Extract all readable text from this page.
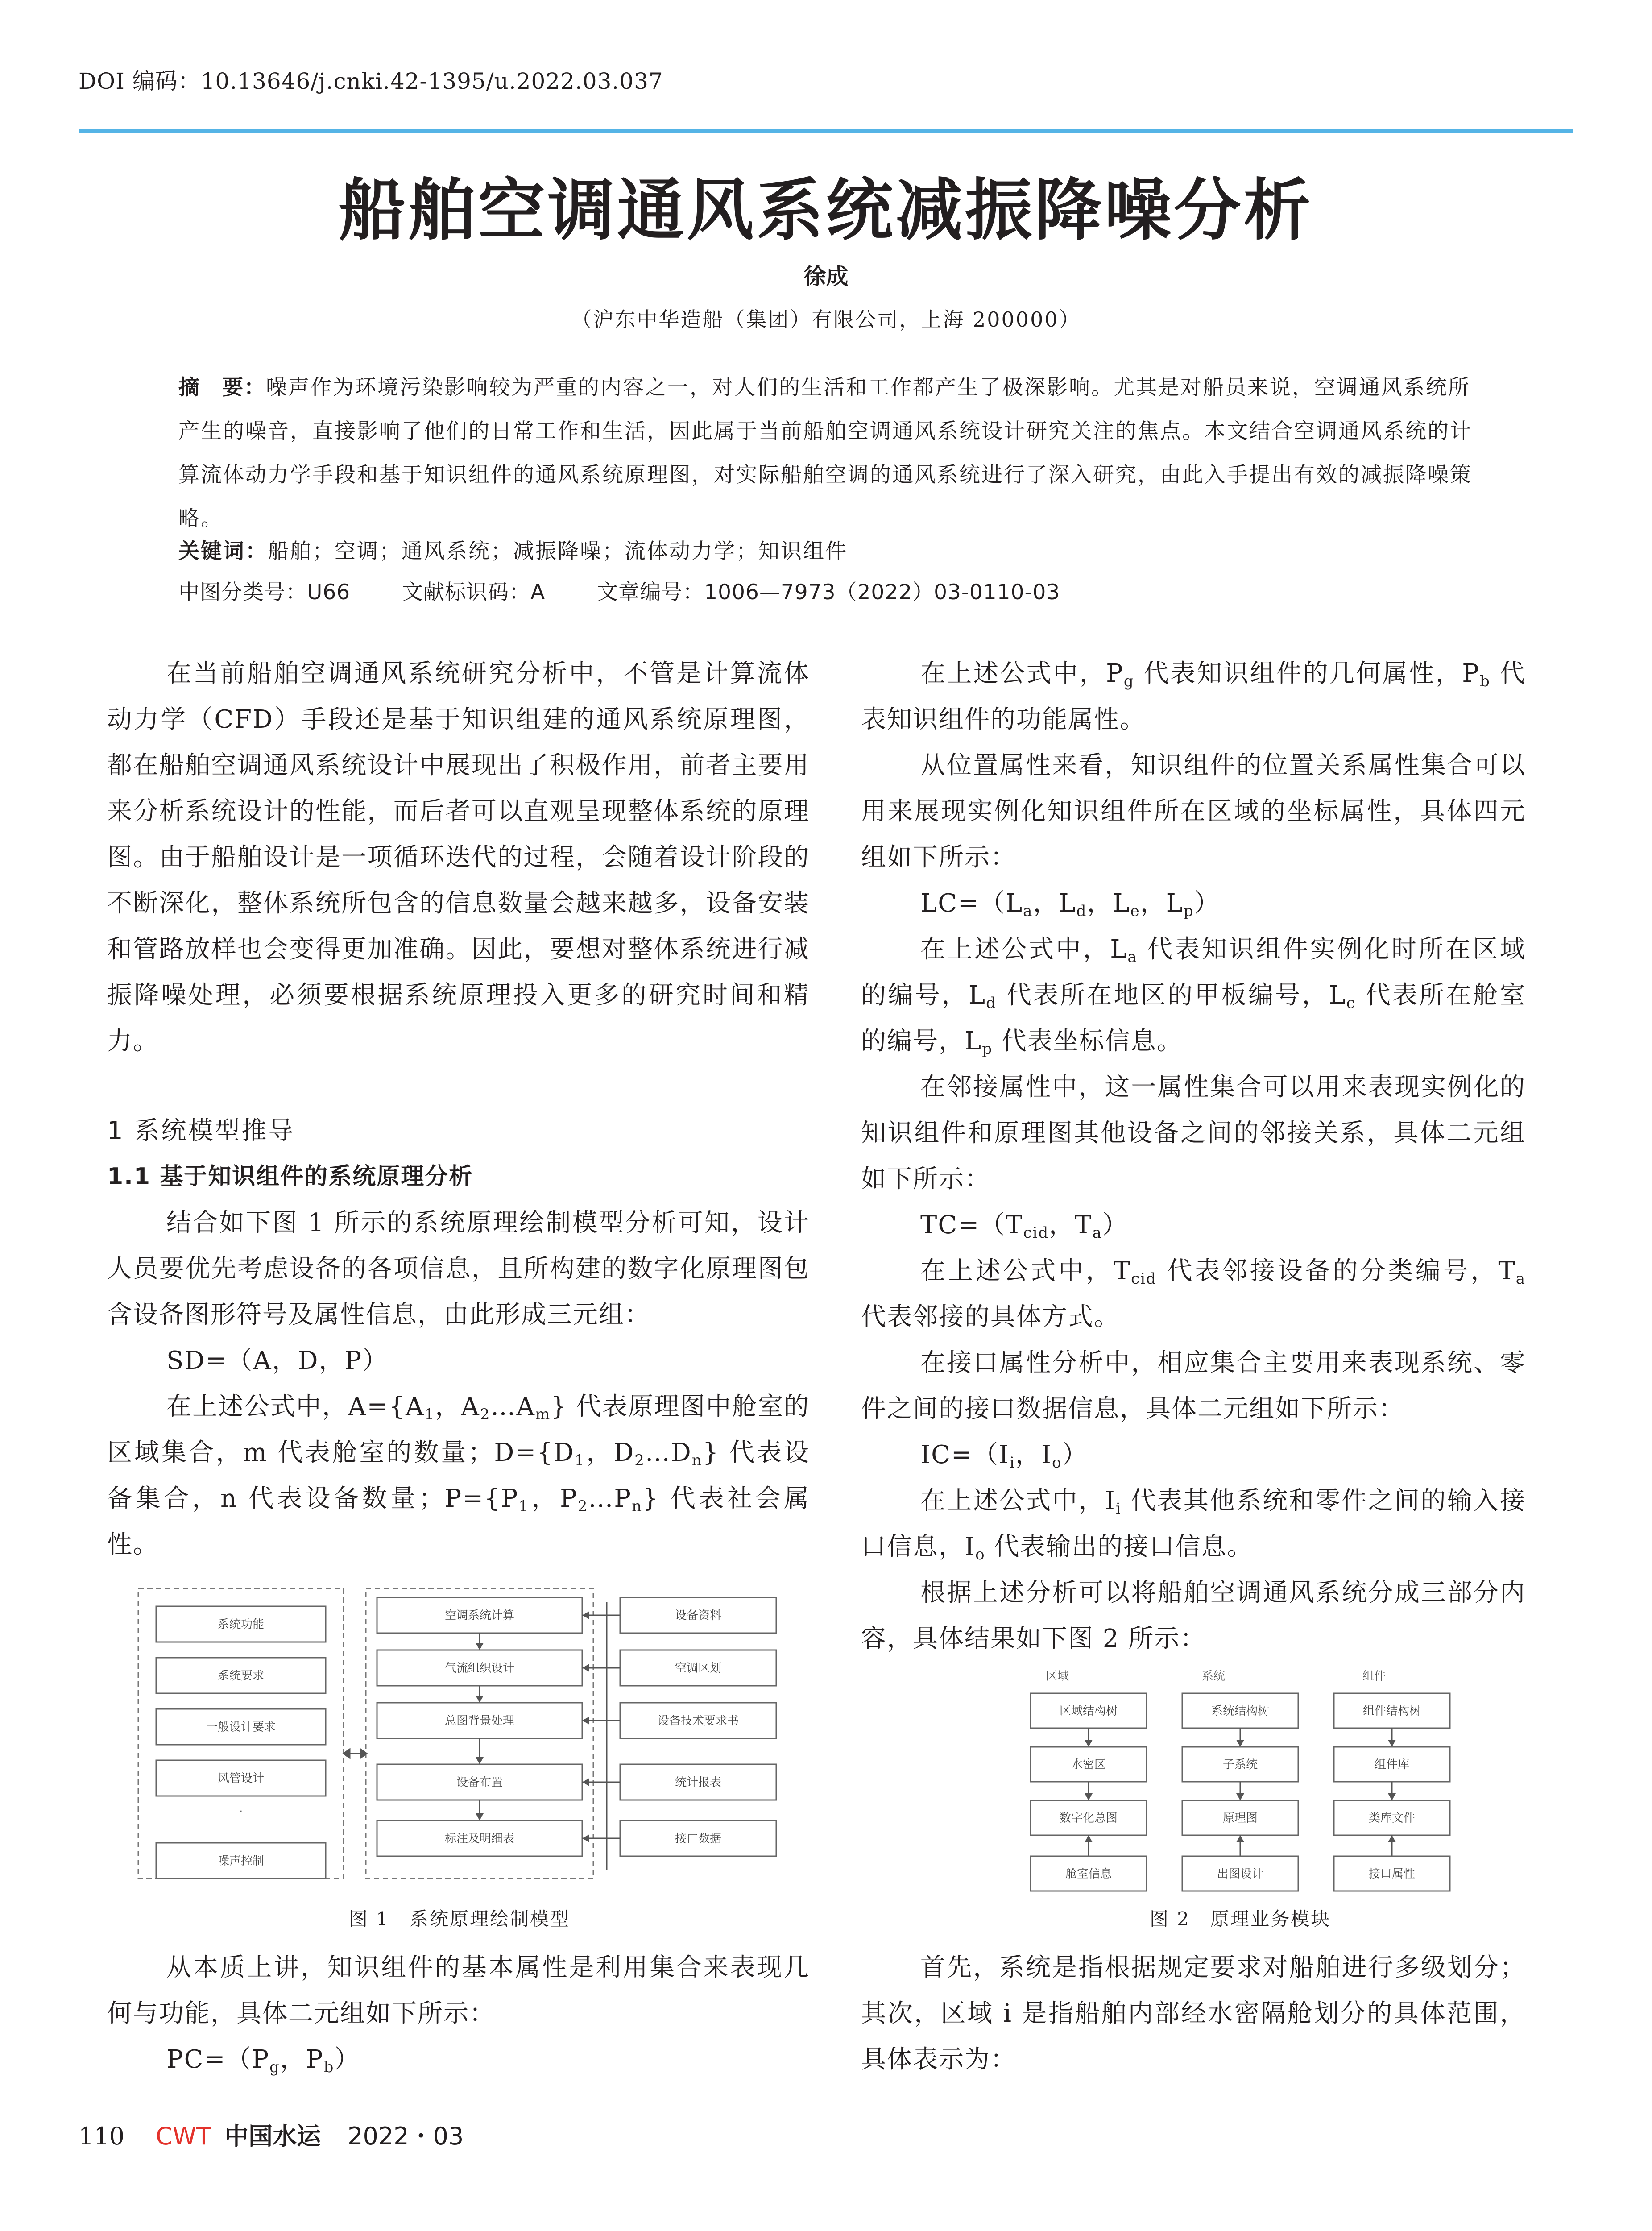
DOI 编码：10.13646/j.cnki.42-1395/u.2022.03.037
船舶空调通风系统减振降噪分析
徐成
（沪东中华造船（集团）有限公司，上海 200000）
摘　要：噪声作为环境污染影响较为严重的内容之一，对人们的生活和工作都产生了极深影响。尤其是对船员来说，空调通风系统所产生的噪音，直接影响了他们的日常工作和生活，因此属于当前船舶空调通风系统设计研究关注的焦点。本文结合空调通风系统的计算流体动力学手段和基于知识组件的通风系统原理图，对实际船舶空调的通风系统进行了深入研究，由此入手提出有效的减振降噪策略。
关键词：船舶；空调；通风系统；减振降噪；流体动力学；知识组件
中图分类号：U66 文献标识码：A 文章编号：1006—7973（2022）03-0110-03

在当前船舶空调通风系统研究分析中，不管是计算流体动力学（CFD）手段还是基于知识组建的通风系统原理图，都在船舶空调通风系统设计中展现出了积极作用，前者主要用来分析系统设计的性能，而后者可以直观呈现整体系统的原理图。由于船舶设计是一项循环迭代的过程，会随着设计阶段的不断深化，整体系统所包含的信息数量会越来越多，设备安装和管路放样也会变得更加准确。因此，要想对整体系统进行减振降噪处理，必须要根据系统原理投入更多的研究时间和精力。

1 系统模型推导

1.1 基于知识组件的系统原理分析

结合如下图 1 所示的系统原理绘制模型分析可知，设计人员要优先考虑设备的各项信息，且所构建的数字化原理图包含设备图形符号及属性信息，由此形成三元组：

SD=（A，D，P）

在上述公式中，$A=\{A_1$，$A_2\dots A_m$} 代表原理图中舱室的区域集合，m 代表舱室的数量；$D=\{D_1$，$D_2\dots D_n$} 代表设备集合，n 代表设备数量；$P=\{P_1$，$P_2\dots P_n$} 代表社会属性。

在上述公式中，$P_g$ 代表知识组件的几何属性，$P_b$ 代表知识组件的功能属性。

从位置属性来看，知识组件的位置关系属性集合可以用来展现实例化知识组件所在区域的坐标属性，具体四元组如下所示：

$LC=(L_a$，$L_d$，$L_e$，$L_p$）

在上述公式中，$L_a$ 代表知识组件实例化时所在区域的编号，$L_d$ 代表所在地区的甲板编号，$L_c$ 代表所在舱室的编号，$L_p$ 代表坐标信息。

在邻接属性中，这一属性集合可以用来表现实例化的知识组件和原理图其他设备之间的邻接关系，具体二元组如下所示：

$TC=(T_{cid}$，$T_a$）

在上述公式中，$T_{cid}$ 代表邻接设备的分类编号，$T_a$ 代表邻接的具体方式。

在接口属性分析中，相应集合主要用来表现系统、零件之间的接口数据信息，具体二元组如下所示：

$IC=(I_i$，$I_o$）

在上述公式中，$I_i$ 代表其他系统和零件之间的输入接口信息，$I_o$ 代表输出的接口信息。

根据上述分析可以将船舶空调通风系统分成三部分内容，具体结果如下图 2 所示：

系统功能
系统要求
一般设计要求
风管设计
噪声控制
·
空调系统计算
气流组织设计
总图背景处理
设备布置
标注及明细表
设备资料
空调区划
设备技术要求书
统计报表
接口数据
图 1　系统原理绘制模型
区域	系统	组件
区域结构树
水密区
数字化总图
舱室信息
系统结构树
子系统
原理图
出图设计
组件结构树
组件库
类库文件
接口属性
图 2　原理业务模块

从本质上讲，知识组件的基本属性是利用集合来表现几何与功能，具体二元组如下所示：

$PC=(P_g$，$P_b$）

首先，系统是指根据规定要求对船舶进行多级划分；其次，区域 i 是指船舶内部经水密隔舱划分的具体范围，具体表示为：

110 CWT 中国水运 2022・03
